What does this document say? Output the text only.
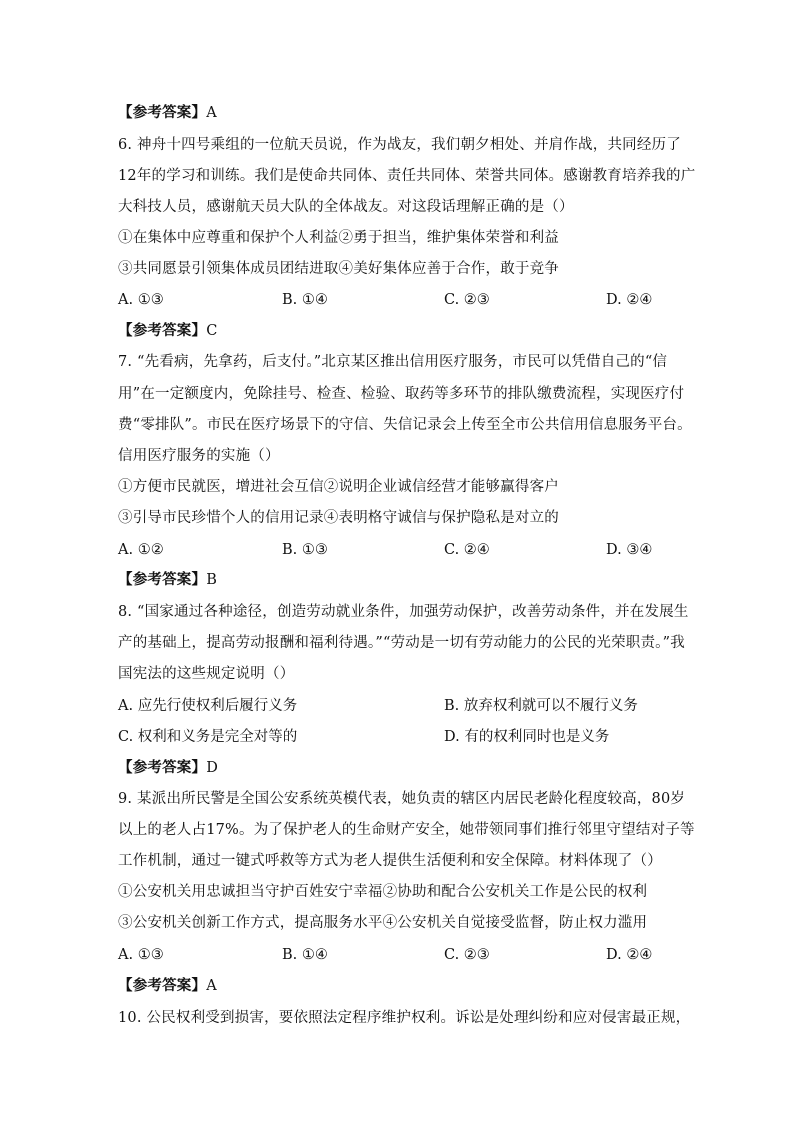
【参考答案】A
6. 神舟十四号乘组的一位航天员说，作为战友，我们朝夕相处、并肩作战，共同经历了
12年的学习和训练。我们是使命共同体、责任共同体、荣誉共同体。感谢教育培养我的广
大科技人员，感谢航天员大队的全体战友。对这段话理解正确的是（）
①在集体中应尊重和保护个人利益②勇于担当，维护集体荣誉和利益
③共同愿景引领集体成员团结进取④美好集体应善于合作，敢于竞争
A. ①③	B. ①④	C. ②③	D. ②④
【参考答案】C
7. “先看病，先拿药，后支付。”北京某区推出信用医疗服务，市民可以凭借自己的“信
用”在一定额度内，免除挂号、检查、检验、取药等多环节的排队缴费流程，实现医疗付
费“零排队”。市民在医疗场景下的守信、失信记录会上传至全市公共信用信息服务平台。
信用医疗服务的实施（）
①方便市民就医，增进社会互信②说明企业诚信经营才能够赢得客户
③引导市民珍惜个人的信用记录④表明格守诚信与保护隐私是对立的
A. ①②	B. ①③	C. ②④	D. ③④
【参考答案】B
8. “国家通过各种途径，创造劳动就业条件，加强劳动保护，改善劳动条件，并在发展生
产的基础上，提高劳动报酬和福利待遇。”“劳动是一切有劳动能力的公民的光荣职责。”我
国宪法的这些规定说明（）
A. 应先行使权利后履行义务	B. 放弃权利就可以不履行义务
C. 权利和义务是完全对等的	D. 有的权利同时也是义务
【参考答案】D
9. 某派出所民警是全国公安系统英模代表，她负责的辖区内居民老龄化程度较高，80岁
以上的老人占17%。为了保护老人的生命财产安全，她带领同事们推行邻里守望结对子等
工作机制，通过一键式呼救等方式为老人提供生活便利和安全保障。材料体现了（）
①公安机关用忠诚担当守护百姓安宁幸福②协助和配合公安机关工作是公民的权利
③公安机关创新工作方式，提高服务水平④公安机关自觉接受监督，防止权力滥用
A. ①③	B. ①④	C. ②③	D. ②④
【参考答案】A
10. 公民权利受到损害，要依照法定程序维护权利。诉讼是处理纠纷和应对侵害最正规，
